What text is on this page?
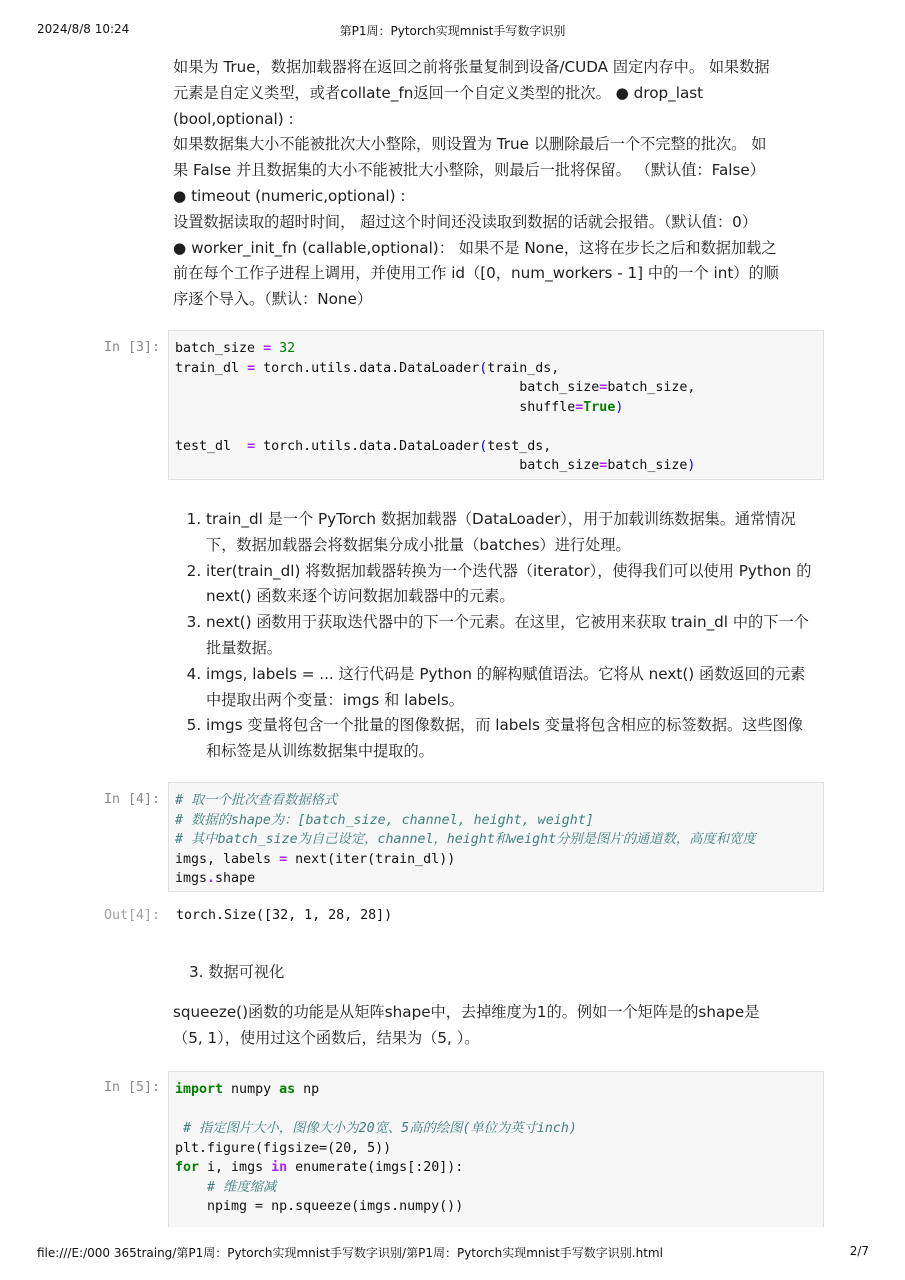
2024/8/8 10:24	第P1周：Pytorch实现mnist手写数字识别

如果为 True，数据加载器将在返回之前将张量复制到设备/CUDA 固定内存中。 如果数据

元素是自定义类型，或者collate_fn返回一个自定义类型的批次。 ● drop_last

(bool,optional) :

如果数据集大小不能被批次大小整除，则设置为 True 以删除最后一个不完整的批次。 如

果 False 并且数据集的大小不能被批大小整除，则最后一批将保留。 （默认值：False）

● timeout (numeric,optional) :

设置数据读取的超时时间， 超过这个时间还没读取到数据的话就会报错。（默认值：0）

● worker_init_fn (callable,optional)： 如果不是 None，这将在步长之后和数据加载之

前在每个工作子进程上调用，并使用工作 id（[0，num_workers - 1] 中的一个 int）的顺

序逐个导入。（默认：None）

In [3]: batch_size = 32
train_dl = torch.utils.data.DataLoader(train_ds,
batch_size=batch_size,
shuffle=True)

test_dl = torch.utils.data.DataLoader(test_ds,
batch_size=batch_size)
1. train_dl 是一个 PyTorch 数据加载器（DataLoader），用于加载训练数据集。通常情况下，数据加载器会将数据集分成小批量（batches）进行处理。
2. iter(train_dl) 将数据加载器转换为一个迭代器（iterator），使得我们可以使用 Python 的 next() 函数来逐个访问数据加载器中的元素。
3. next() 函数用于获取迭代器中的下一个元素。在这里，它被用来获取 train_dl 中的下一个批量数据。
4. imgs, labels = ... 这行代码是 Python 的解构赋值语法。它将从 next() 函数返回的元素中提取出两个变量：imgs 和 labels。
5. imgs 变量将包含一个批量的图像数据，而 labels 变量将包含相应的标签数据。这些图像和标签是从训练数据集中提取的。
In [4]: # 取一个批次查看数据格式
# 数据的shape为：[batch_size, channel, height, weight]
# 其中batch_size为自己设定，channel，height和weight分别是图片的通道数，高度和宽度
imgs, labels = next(iter(train_dl))
imgs.shape
Out[4]: torch.Size([32, 1, 28, 28])

3. 数据可视化

squeeze()函数的功能是从矩阵shape中，去掉维度为1的。例如一个矩阵是的shape是

（5, 1），使用过这个函数后，结果为（5, ）。

In [5]: import numpy as np

# 指定图片大小，图像大小为20宽、5高的绘图(单位为英寸inch)
plt.figure(figsize=(20, 5))
for i, imgs in enumerate(imgs[:20]):
# 维度缩减
npimg = np.squeeze(imgs.numpy())
file:///E:/000 365traing/第P1周：Pytorch实现mnist手写数字识别/第P1周：Pytorch实现mnist手写数字识别.html	2/7
